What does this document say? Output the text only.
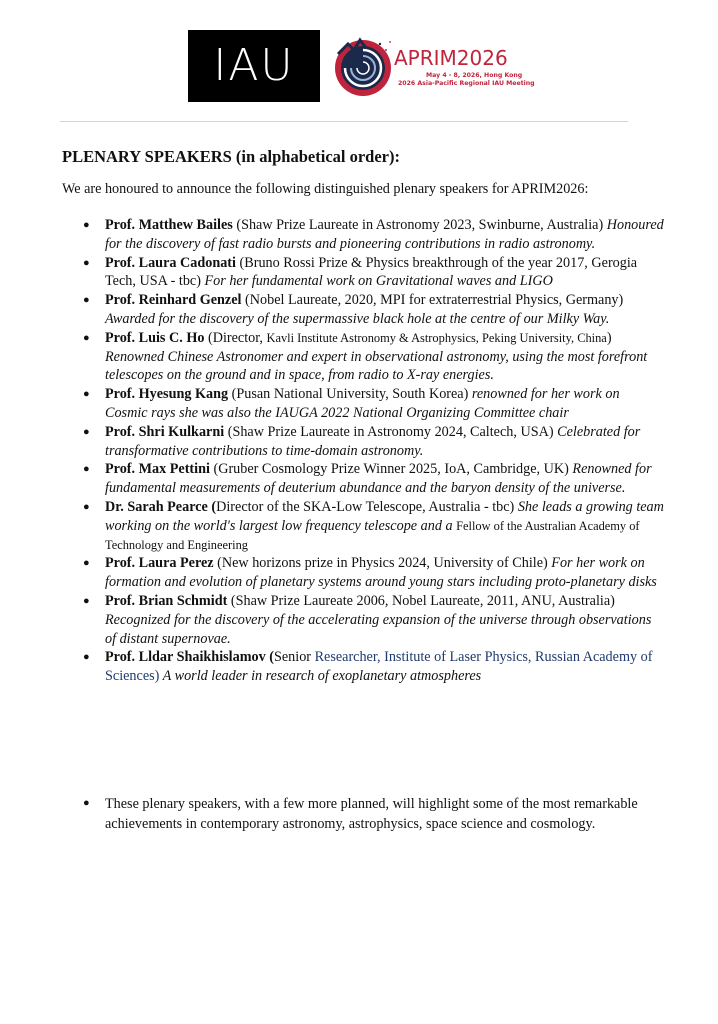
IAU	APRIM2026
May 4 - 8, 2026, Hong Kong
2026 Asia-Pacific Regional IAU Meeting
PLENARY SPEAKERS (in alphabetical order):

We are honoured to announce the following distinguished plenary speakers for APRIM2026:

● Prof. Matthew Bailes (Shaw Prize Laureate in Astronomy 2023, Swinburne, Australia) Honoured for the discovery of fast radio bursts and pioneering contributions in radio astronomy.
● Prof. Laura Cadonati (Bruno Rossi Prize & Physics breakthrough of the year 2017, Gerogia Tech, USA - tbc) For her fundamental work on Gravitational waves and LIGO
● Prof. Reinhard Genzel (Nobel Laureate, 2020, MPI for extraterrestrial Physics, Germany) Awarded for the discovery of the supermassive black hole at the centre of our Milky Way.
● Prof. Luis C. Ho (Director, Kavli Institute Astronomy & Astrophysics, Peking University, China) Renowned Chinese Astronomer and expert in observational astronomy, using the most forefront telescopes on the ground and in space, from radio to X-ray energies.
● Prof. Hyesung Kang (Pusan National University, South Korea) renowned for her work on Cosmic rays she was also the IAUGA 2022 National Organizing Committee chair
● Prof. Shri Kulkarni (Shaw Prize Laureate in Astronomy 2024, Caltech, USA) Celebrated for transformative contributions to time-domain astronomy.
● Prof. Max Pettini (Gruber Cosmology Prize Winner 2025, IoA, Cambridge, UK) Renowned for fundamental measurements of deuterium abundance and the baryon density of the universe.
● Dr. Sarah Pearce (Director of the SKA-Low Telescope, Australia - tbc) She leads a growing team working on the world's largest low frequency telescope and a Fellow of the Australian Academy of Technology and Engineering
● Prof. Laura Perez (New horizons prize in Physics 2024, University of Chile) For her work on formation and evolution of planetary systems around young stars including proto-planetary disks
● Prof. Brian Schmidt (Shaw Prize Laureate 2006, Nobel Laureate, 2011, ANU, Australia) Recognized for the discovery of the accelerating expansion of the universe through observations of distant supernovae.
● Prof. Lldar Shaikhislamov (Senior Researcher, Institute of Laser Physics, Russian Academy of Sciences) A world leader in research of exoplanetary atmospheres

● These plenary speakers, with a few more planned, will highlight some of the most remarkable achievements in contemporary astronomy, astrophysics, space science and cosmology.
